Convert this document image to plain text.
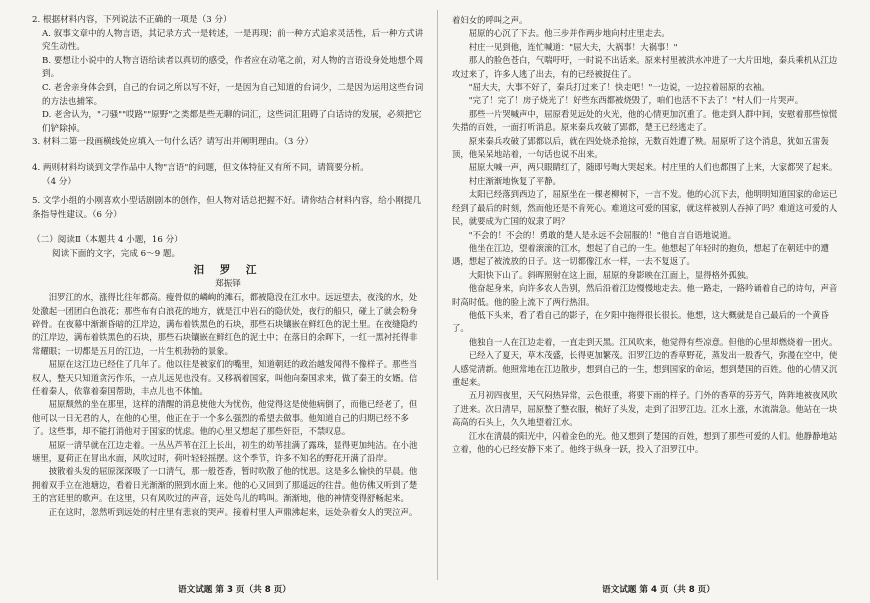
2. 根据材料内容，下列说法不正确的一项是（3 分）

A. 叙事文章中的人物言语，其记录方式一是转述，一是再现；前一种方式追求灵活性，后一种方式讲究生动性。

B. 要想让小说中的人物言语给读者以真切的感受，作者应在动笔之前，对人物的言语设身处地想个周到。

C. 老舍亲身体会到，自己的台词之所以写不好，一是因为自己知道的台词少，二是因为运用这些台词的方法也捕笨。

D. 老舍认为，"刁骚""哎路""原野"之类都是些无聊的词汇，这些词汇阻碍了白话诗的发展，必须把它们铲除掉。

3. 材料二第一段画横线处应填入一句什么话？请写出并阐明理由。（3 分）

4. 两则材料均谈到文学作品中人物"言语"的问题，但文体特征又有所不同，请简要分析。

（4 分）

5. 文学小组的小刚喜欢小型话剧剧本的创作，但人物对话总把握不好。请你结合材料内容，给小刚提几条指导性建议。（6 分）

（二）阅读Ⅱ（本题共 4 小题，16 分）

阅读下面的文字，完成 6～9 题。

汨 罗 江

郑振铎

汨罗江的水，涨得比往年都高。瘦骨似的嶙峋的滩石，都被隐没在江水中。远远望去，夜浅的水，处处激起一团团白色浪花；那些布有白浪花的地方，就是江中岩石的隐伏处，夜行的船只，碰上了就会粉身碎骨。在夜幕中渐渐昏暗的江岸边，满布着铁黑色的石块，那些石块镶嵌在鲜红色的泥土里。在夜缝隐约的江岸边，满布着铁黑色的石块，那些石块镶嵌在鲜红色的泥土中；在落日的余晖下，一红一黑衬托得非常耀眼；一切都是五月的江边，一片生机勃勃的景象。

屈原在这江边已经住了几年了。他以往是被家们的嘴里，知道朝廷的政治越发闻得不像样子。那些当权人，整天只知道贪污作乐，一点儿远见也没有。又移祸着国家，叫他向秦国求来，做了秦王的女婿。信任着秦人，依靠着秦国帮助，丰点儿也不体恤。

屈原颓然的坐在那里，这样的清醒的消息使他大为忧伤，他觉得这是使他病倒了，而他已经老了，但他可以一日无君的人，在他的心里，他正在于一个多么强烈的希望去做事。他知道自己的归期已经不多了。这些事，却不能打消他对于国家的忧虑。他的心里又想起了那些奸臣，不禁叹息。

屈原一清早就在江边走着。一丛丛芦苇在江上长出，初生的幼苇挂满了露珠，显得更加纯洁。在小池塘里，夏荷正在冒出水面，风吹过时，荷叶轻轻摇摆。这个季节，许多不知名的野花开满了沿岸。

披散着头发的屈原深深吸了一口清气，那一般苍香，暂时吹散了他的忧思。这是多么愉快的早晨。他拥着双手立在池塘边，看着日光渐渐的照到水面上来。他的心又回到了那遥远的往昔。他仿佛又听到了楚王的宫廷里的歌声。在这里，只有风吹过的声音，远处鸟儿的鸣叫。渐渐地，他的神情变得舒畅起来。

正在这时，忽然听到远处的村庄里有悲哀的哭声。接着村里人声鼎沸起来，远处杂着女人的哭泣声。

着妇女的呼叫之声。

屈原的心沉了下去。他三步并作两步地向村庄里走去。

村庄一见到他，连忙喊道："屈大夫，大祸事！大祸事！"

那人的脸色苍白，气喘吁吁，一时说不出话来。原来村里被洪水冲进了一大片田地，秦兵乘机从江边攻过来了，许多人逃了出去，有的已经被捉住了。

"屈大夫，大事不好了，秦兵打过来了！快走吧！"一边说，一边拉着屈原的衣袖。

"完了！完了！房子烧光了！好些东西都被烧毁了，咱们也活不下去了！"村人们一片哭声。

那些一片哭喊声中，屈原看见远处的火光，他的心情更加沉重了。他走到人群中间，安慰着那些惊慌失措的百姓，一面打听消息。原来秦兵攻破了郢都，楚王已经逃走了。

原来秦兵攻破了郢都以后，就在四处烧杀抢掠，无数百姓遭了殃。屈原听了这个消息，犹如五雷轰顶，他呆呆地站着，一句话也说不出来。

屈原大喊一声，两只眼睛红了，随即号啕大哭起来。村庄里的人们也都围了上来，大家都哭了起来。

村庄渐渐地恢复了平静。

太阳已经落到西边了，屈原坐在一棵老柳树下，一言不发。他的心沉下去，他明明知道国家的命运已经到了最后的时刻，然而他还是不肯死心。难道这可爱的国家，就这样被别人吞掉了吗？难道这可爱的人民，就要成为亡国的奴隶了吗？

"不会的！不会的！勇敢的楚人是永远不会屈服的！"他自言自语地说道。

他坐在江边，望着滚滚的江水，想起了自己的一生。他想起了年轻时的抱负，想起了在朝廷中的遭遇，想起了被流放的日子。这一切都像江水一样，一去不复返了。

大阳快下山了。斜晖照射在这上面，屈原的身影映在江面上，显得格外孤独。

他奋起身来，向许多农人告别，然后沿着江边慢慢地走去。他一路走，一路吟诵着自己的诗句，声音时高时低。他的脸上流下了两行热泪。

他低下头来，看了看自己的影子，在夕阳中拖得很长很长。他想，这大概就是自己最后的一个黄昏了。

他独自一人在江边走着，一直走到天黑。江风吹来，他觉得有些凉意。但他的心里却燃烧着一团火。

已经入了夏天，草木茂盛，长得更加繁茂。汨罗江边的香草野花，蒸发出一股香气，弥漫在空中，使人感觉清新。他照常地在江边散步，想到自己的一生，想到国家的命运，想到楚国的百姓。他的心情又沉重起来。

五月初四夜里，天气闷热异常，云色很重，将要下雨的样子。门外的香草的芬芳气，阵阵地被夜风吹了进来。次日清早，屈原整了整衣服，梳好了头发，走到了汨罗江边。江水上涨，水流湍急。他站在一块高高的石头上，久久地望着江水。

江水在清晨的阳光中，闪着金色的光。他又想到了楚国的百姓，想到了那些可爱的人们。他静静地站立着，他的心已经安静下来了。他终于纵身一跃，投入了汨罗江中。

语文试题 第 3 页（共 8 页）	语文试题 第 4 页（共 8 页）
